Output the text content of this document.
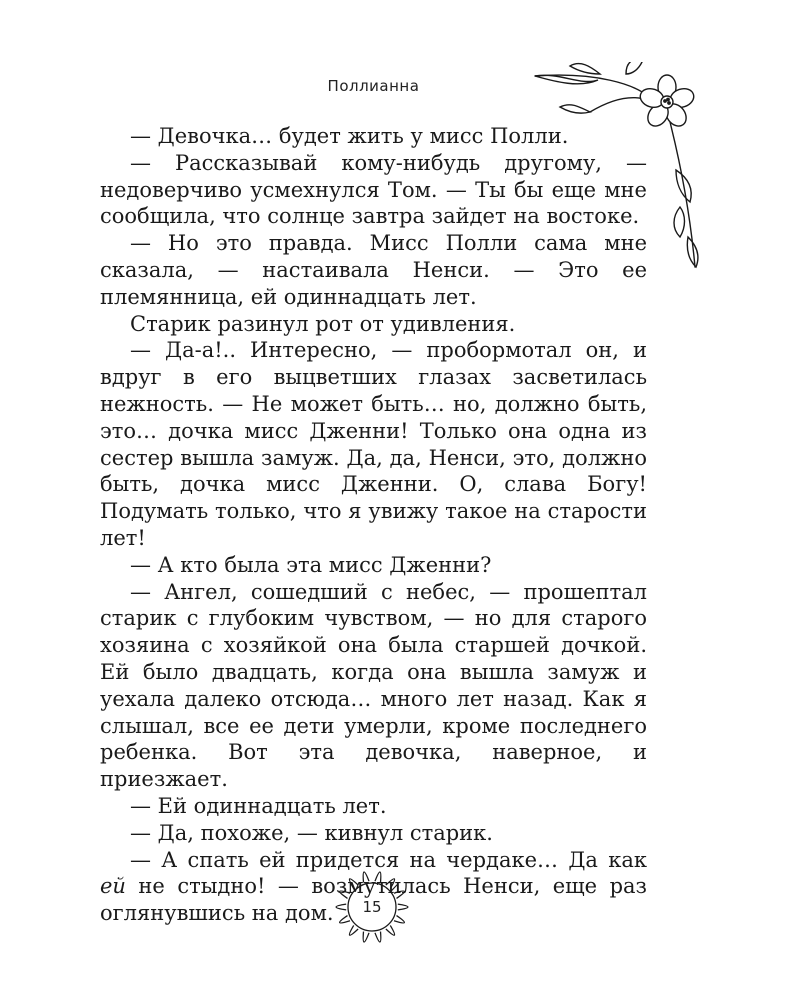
Поллианна

— Девочка… будет жить у мисс Полли.

— Рассказывай кому-нибудь другому, — недоверчиво усмехнулся Том. — Ты бы еще мне сообщила, что солнце завтра зайдет на востоке.

— Но это правда. Мисс Полли сама мне сказала, — настаивала Ненси. — Это ее племянница, ей одиннадцать лет.

Старик разинул рот от удивления.

— Да-а!.. Интересно, — пробормотал он, и вдруг в его выцветших глазах засветилась нежность. — Не может быть… но, должно быть, это… дочка мисс Дженни! Только она одна из сестер вышла замуж. Да, да, Ненси, это, должно быть, дочка мисс Дженни. О, слава Богу! Подумать только, что я увижу такое на старости лет!

— А кто была эта мисс Дженни?

— Ангел, сошедший с небес, — прошептал старик с глубоким чувством, — но для старого хозяина с хозяйкой она была старшей дочкой. Ей было двадцать, когда она вышла замуж и уехала далеко отсюда… много лет назад. Как я слышал, все ее дети умерли, кроме последнего ребенка. Вот эта девочка, наверное, и приезжает.

— Ей одиннадцать лет.

— Да, похоже, — кивнул старик.

— А спать ей придется на чердаке… Да как ей не стыдно! — возмутилась Ненси, еще раз оглянувшись на дом.	15
